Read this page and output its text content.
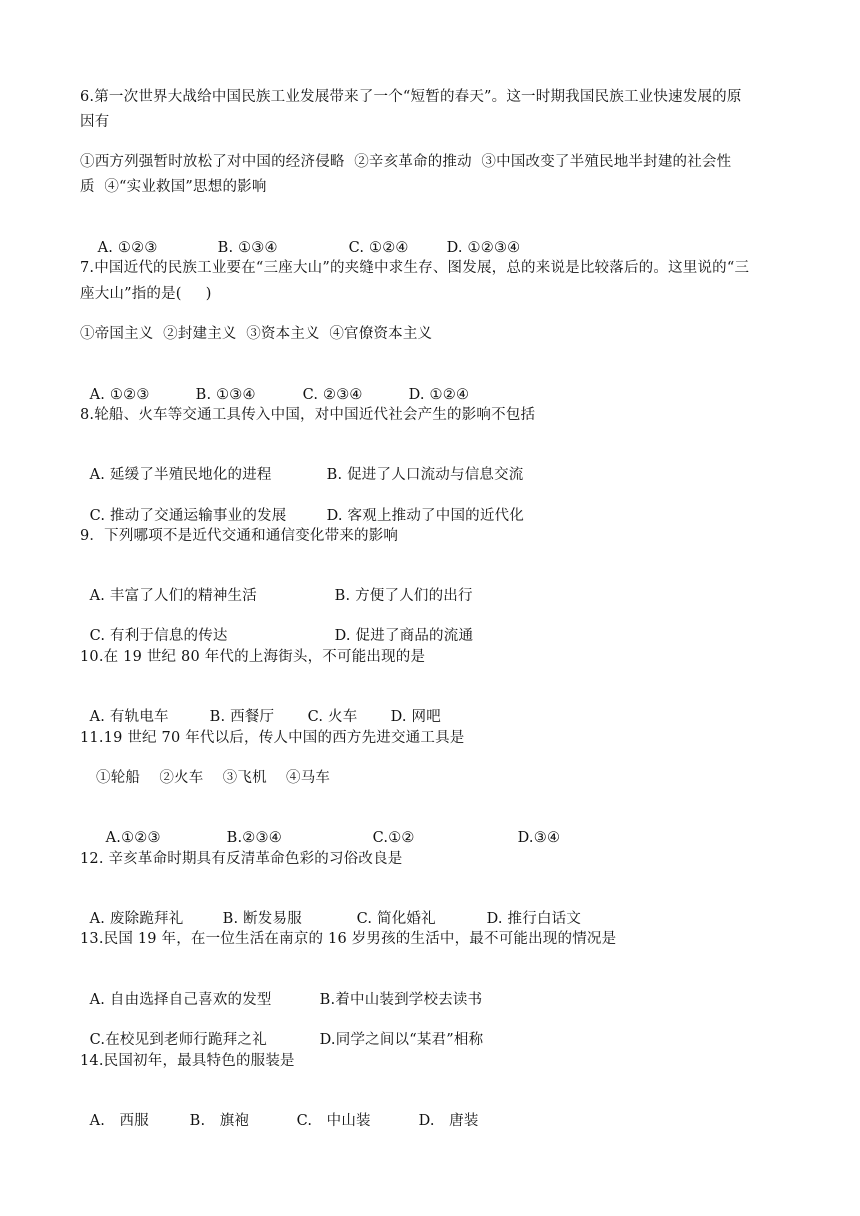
6.第一次世界大战给中国民族工业发展带来了一个“短暂的春天”。这一时期我国民族工业快速发展的原
因有
①西方列强暂时放松了对中国的经济侵略  ②辛亥革命的推动  ③中国改变了半殖民地半封建的社会性
质  ④“实业救国”思想的影响

A. ①②③	B. ①③④	C. ①②④	D. ①②③④

7.中国近代的民族工业要在“三座大山”的夹缝中求生存、图发展，总的来说是比较落后的。这里说的“三
座大山”指的是(     )
①帝国主义  ②封建主义  ③资本主义  ④官僚资本主义

A. ①②③	B. ①③④	C. ②③④	D. ①②④

8.轮船、火车等交通工具传入中国，对中国近代社会产生的影响不包括

A. 延缓了半殖民地化的进程	B. 促进了人口流动与信息交流

C. 推动了交通运输事业的发展	D. 客观上推动了中国的近代化

9．下列哪项不是近代交通和通信变化带来的影响

A. 丰富了人们的精神生活	B. 方便了人们的出行

C. 有利于信息的传达	D. 促进了商品的流通

10.在 19 世纪 80 年代的上海街头，不可能出现的是

A. 有轨电车	B. 西餐厅 C. 火车 D. 网吧

11.19 世纪 70 年代以后，传人中国的西方先进交通工具是
①轮船    ②火车    ③飞机    ④马车

A.①②③	B.②③④	C.①②	D.③④

12. 辛亥革命时期具有反清革命色彩的习俗改良是

A. 废除跪拜礼	B. 断发易服	C. 简化婚礼	D. 推行白话文

13.民国 19 年，在一位生活在南京的 16 岁男孩的生活中，最不可能出现的情况是

A. 自由选择自己喜欢的发型	B.着中山装到学校去读书

C.在校见到老师行跪拜之礼	D.同学之间以“某君”相称

14.民国初年，最具特色的服装是

A.   西服	B.   旗袍	C.   中山装	D.   唐装
